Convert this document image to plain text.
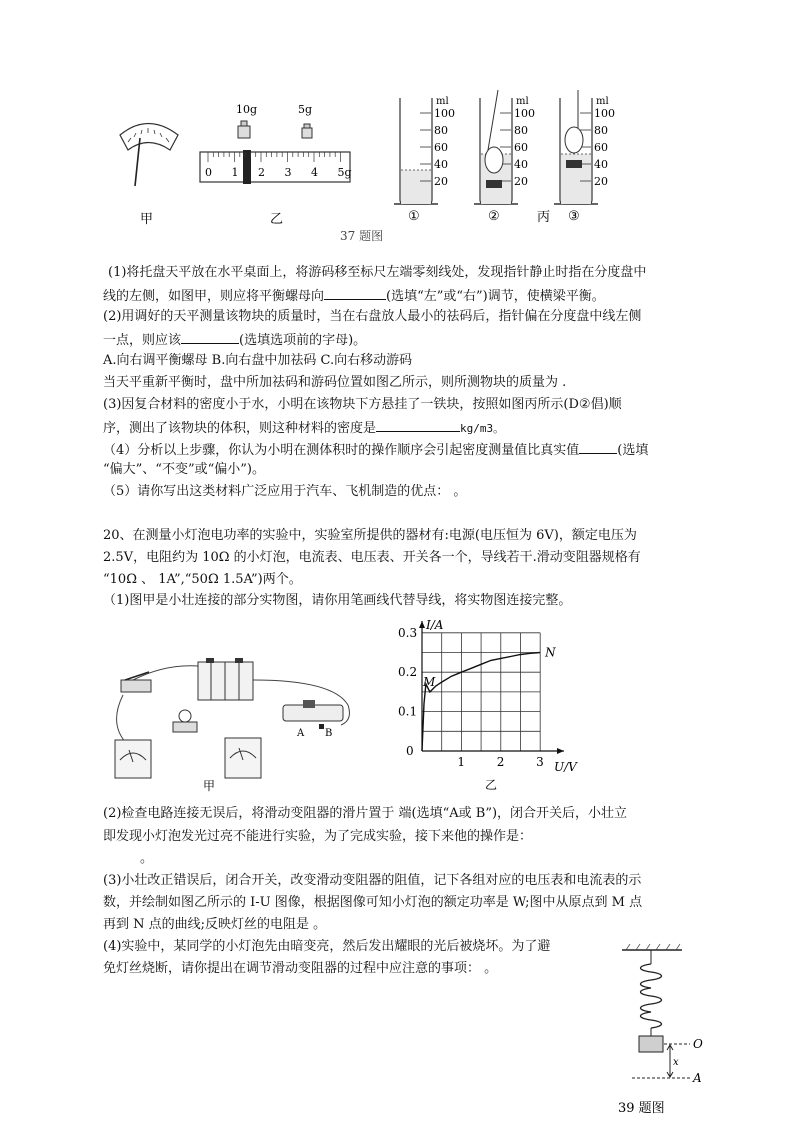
甲
10g	5g
0 1 2 3 4 5g
乙
ml
100
80
60
40
20
①
ml
100
80
60
40
20
②
ml
100
80
60
40
20
③
丙
37 题图
(1)将托盘天平放在水平桌面上，将游码移至标尺左端零刻线处，发现指针静止时指在分度盘中
线的左侧，如图甲，则应将平衡螺母向	(选填“左”或“右”)调节，使横梁平衡。
(2)用调好的天平测量该物块的质量时，当在右盘放人最小的祛码后，指针偏在分度盘中线左侧
一点，则应该	(选填选项前的字母)。
A.向右调平衡螺母 B.向右盘中加祛码 C.向右移动游码
当天平重新平衡时，盘中所加祛码和游码位置如图乙所示，则所测物块的质量为 .
(3)因复合材料的密度小于水，小明在该物块下方悬挂了一铁块，按照如图丙所示(D②倡)顺
序，测出了该物块的体积，则这种材料的密度是	kg/m3。
（4）分析以上步骤，你认为小明在测体积时的操作顺序会引起密度测量值比真实值	(选填
“偏大”、“不变”或“偏小”)。
（5）请你写出这类材料广泛应用于汽车、飞机制造的优点： 。
20、在测量小灯泡电功率的实验中，实验室所提供的器材有:电源(电压恒为 6V)，额定电压为
2.5V，电阻约为 10Ω 的小灯泡，电流表、电压表、开关各一个，导线若干.滑动变阻器规格有
“10Ω 、 1A”,“50Ω 1.5A”)两个。
（1)图甲是小壮连接的部分实物图，请你用笔画线代替导线，将实物图连接完整。
A B
甲
1	2	3
0.3
0.2
0.1
0
I/A
U/V
M
N
乙
(2)检查电路连接无误后，将滑动变阻器的滑片置于 端(选填“A或 B”)，闭合开关后，小壮立
即发现小灯泡发光过亮不能进行实验，为了完成实验，接下来他的操作是：
。
(3)小壮改正错误后，闭合开关，改变滑动变阻器的阻值，记下各组对应的电压表和电流表的示
数，并绘制如图乙所示的 I-U 图像，根据图像可知小灯泡的额定功率是 W;图中从原点到 M 点
再到 N 点的曲线;反映灯丝的电阻是 。
(4)实验中，某同学的小灯泡先由暗变亮，然后发出耀眼的光后被烧坏。为了避
免灯丝烧断，请你提出在调节滑动变阻器的过程中应注意的事项： 。
O
A
x
39 题图
